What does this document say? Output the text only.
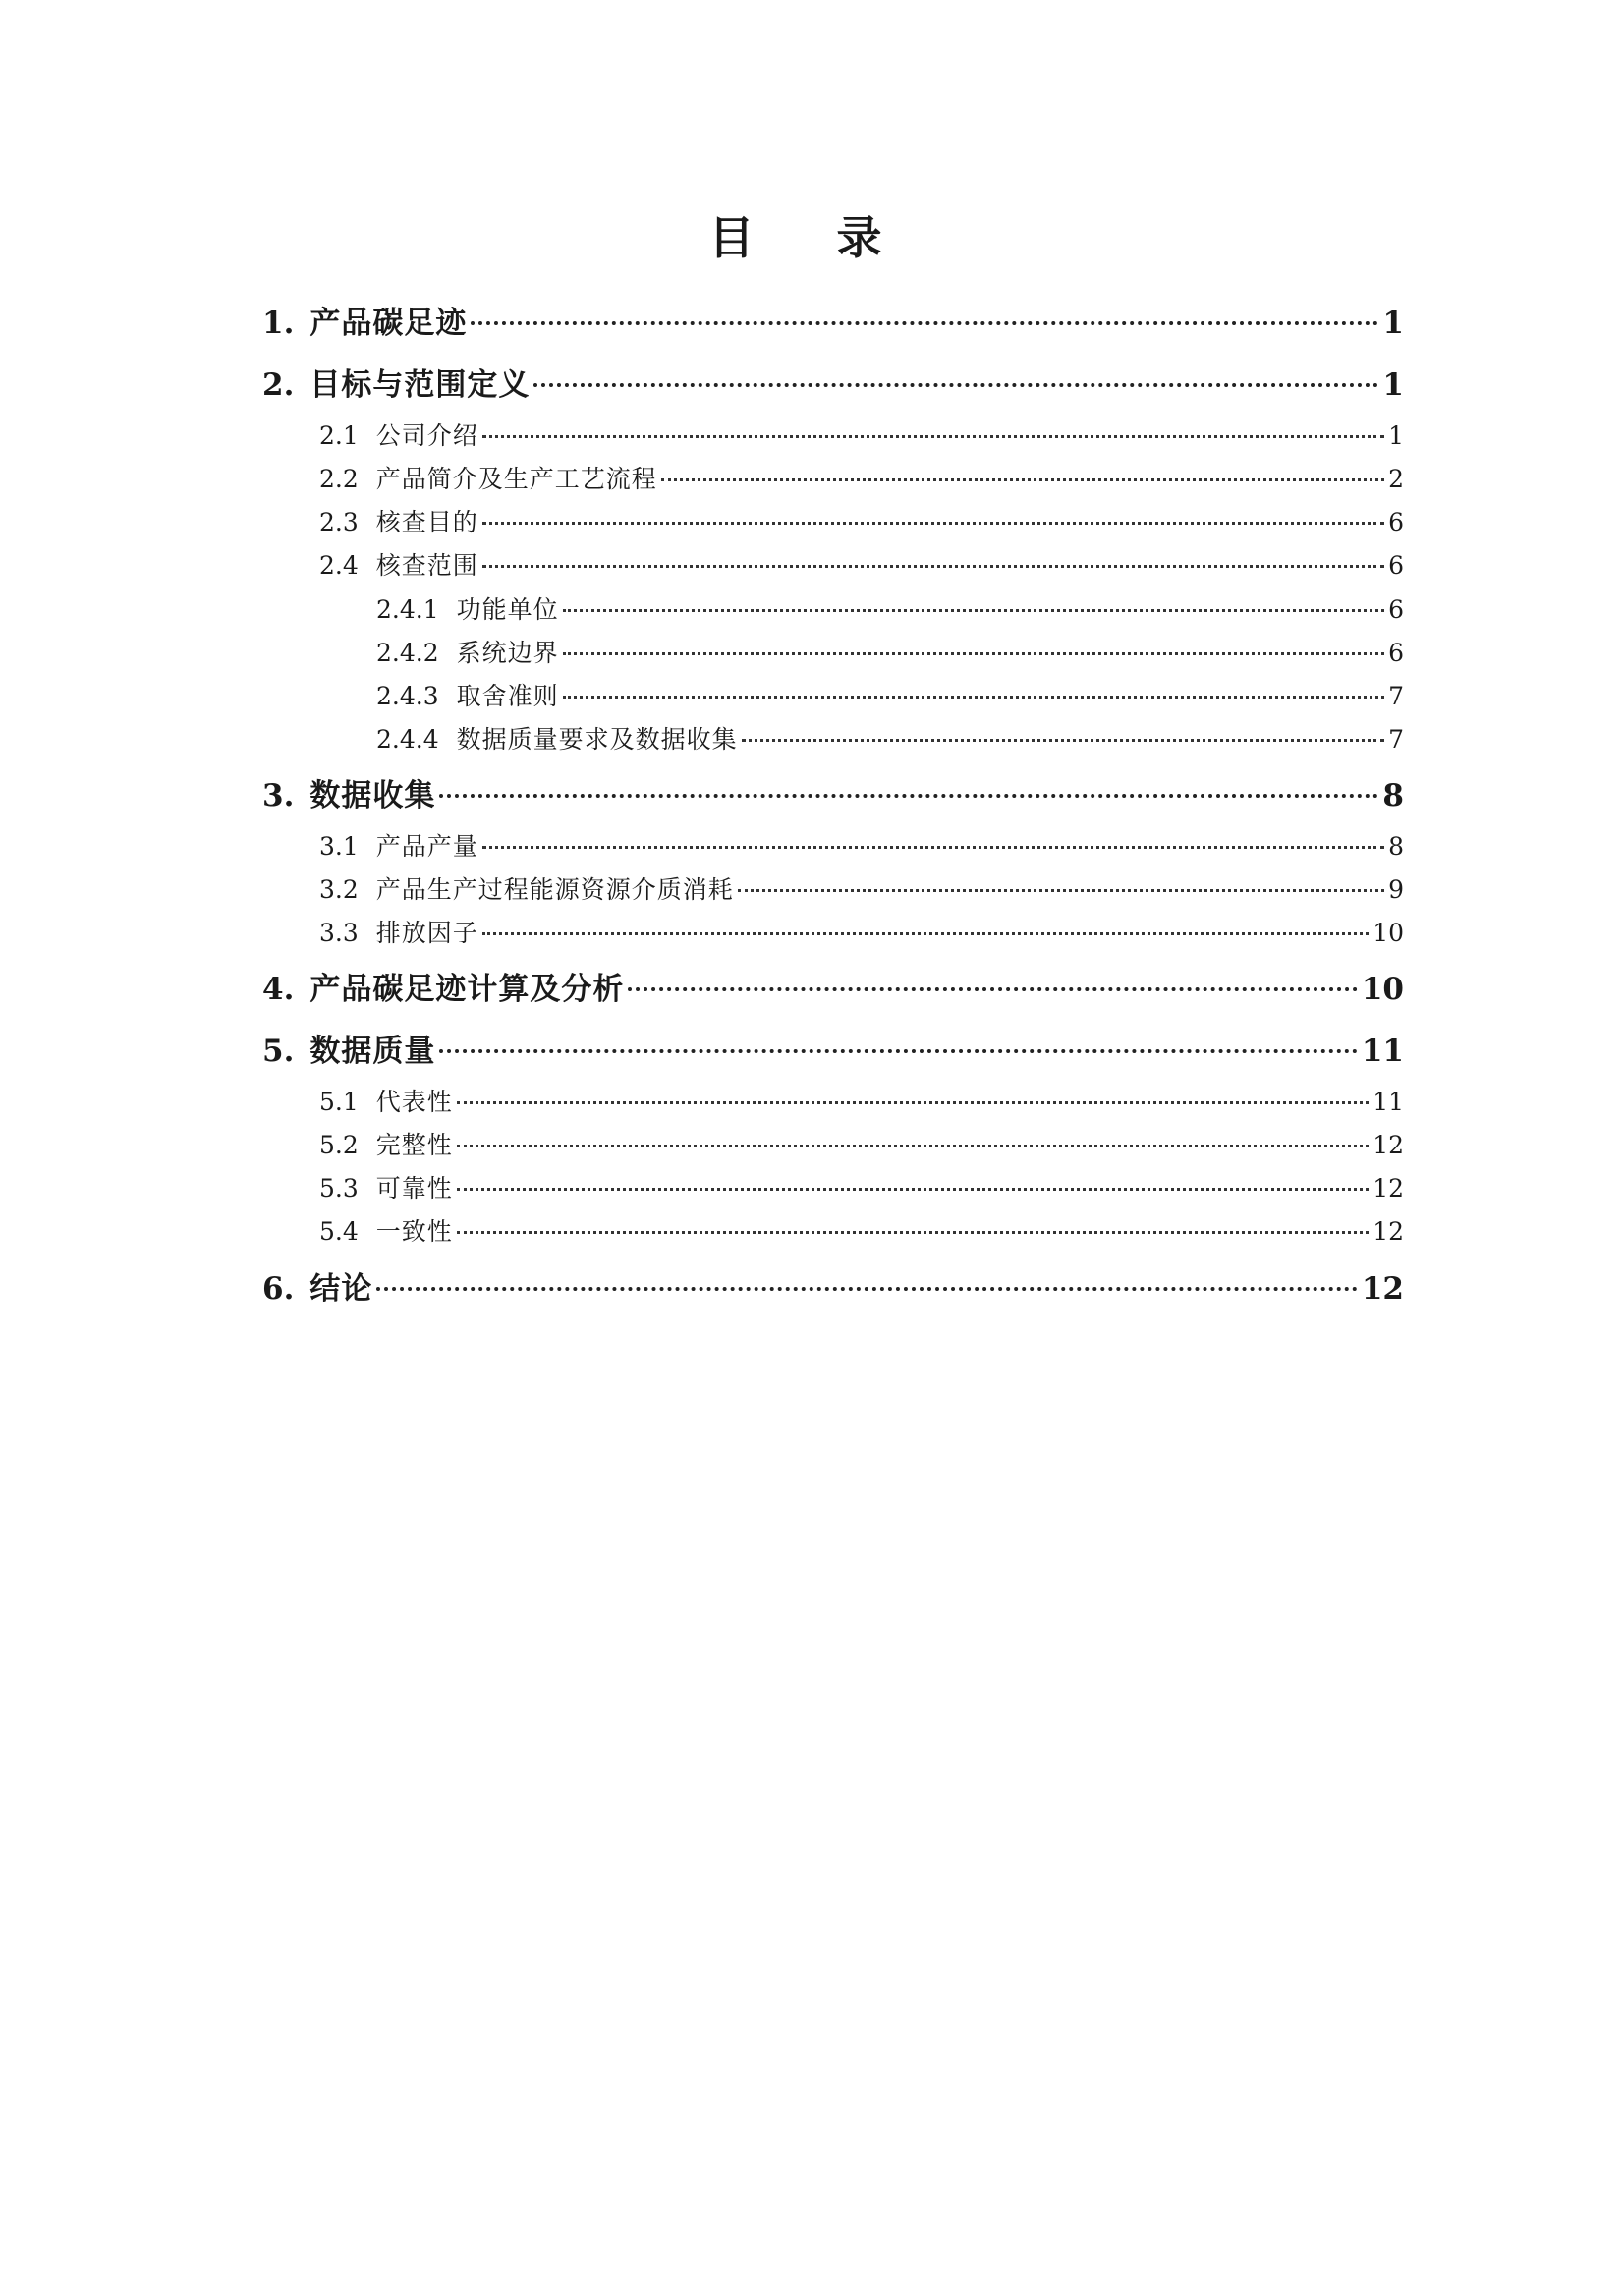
目 录
1. 产品碳足迹	1
2. 目标与范围定义	1
2.1 公司介绍	1
2.2 产品简介及生产工艺流程	2
2.3 核查目的	6
2.4 核查范围	6
2.4.1 功能单位	6
2.4.2 系统边界	6
2.4.3 取舍准则	7
2.4.4 数据质量要求及数据收集	7
3. 数据收集	8
3.1 产品产量	8
3.2 产品生产过程能源资源介质消耗	9
3.3 排放因子	10
4. 产品碳足迹计算及分析	10
5. 数据质量	11
5.1 代表性	11
5.2 完整性	12
5.3 可靠性	12
5.4 一致性	12
6. 结论	12
